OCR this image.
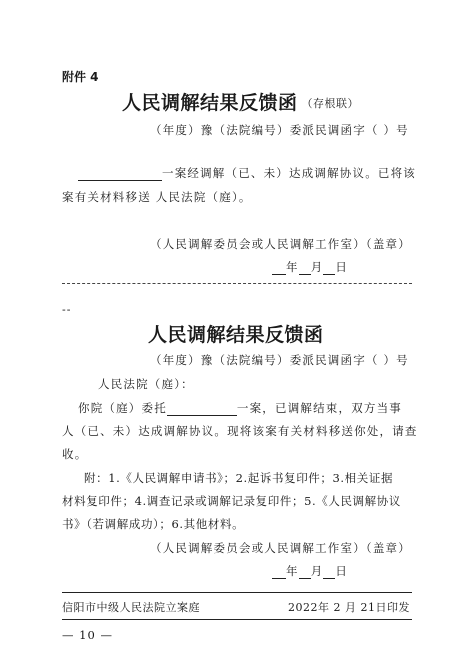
附件 4
人民调解结果反馈函 （存根联）
（年度）豫（法院编号）委派民调函字（ ）号
一案经调解（已、未）达成调解协议。已将该
案有关材料移送 人民法院（庭）。
（人民调解委员会或人民调解工作室）（盖章）
年 月 日
--
人民调解结果反馈函
（年度）豫（法院编号）委派民调函字（ ）号
人民法院（庭）：
你院（庭）委托	一案，已调解结束，双方当事
人（已、未）达成调解协议。现将该案有关材料移送你处，请查
收。
附：1.《人民调解申请书》；2.起诉书复印件；3.相关证据
材料复印件；4.调查记录或调解记录复印件；5.《人民调解协议
书》（若调解成功）；6.其他材料。
（人民调解委员会或人民调解工作室）（盖章）
年 月 日
信阳市中级人民法院立案庭	2022年 2 月 21日印发
— 10 —
